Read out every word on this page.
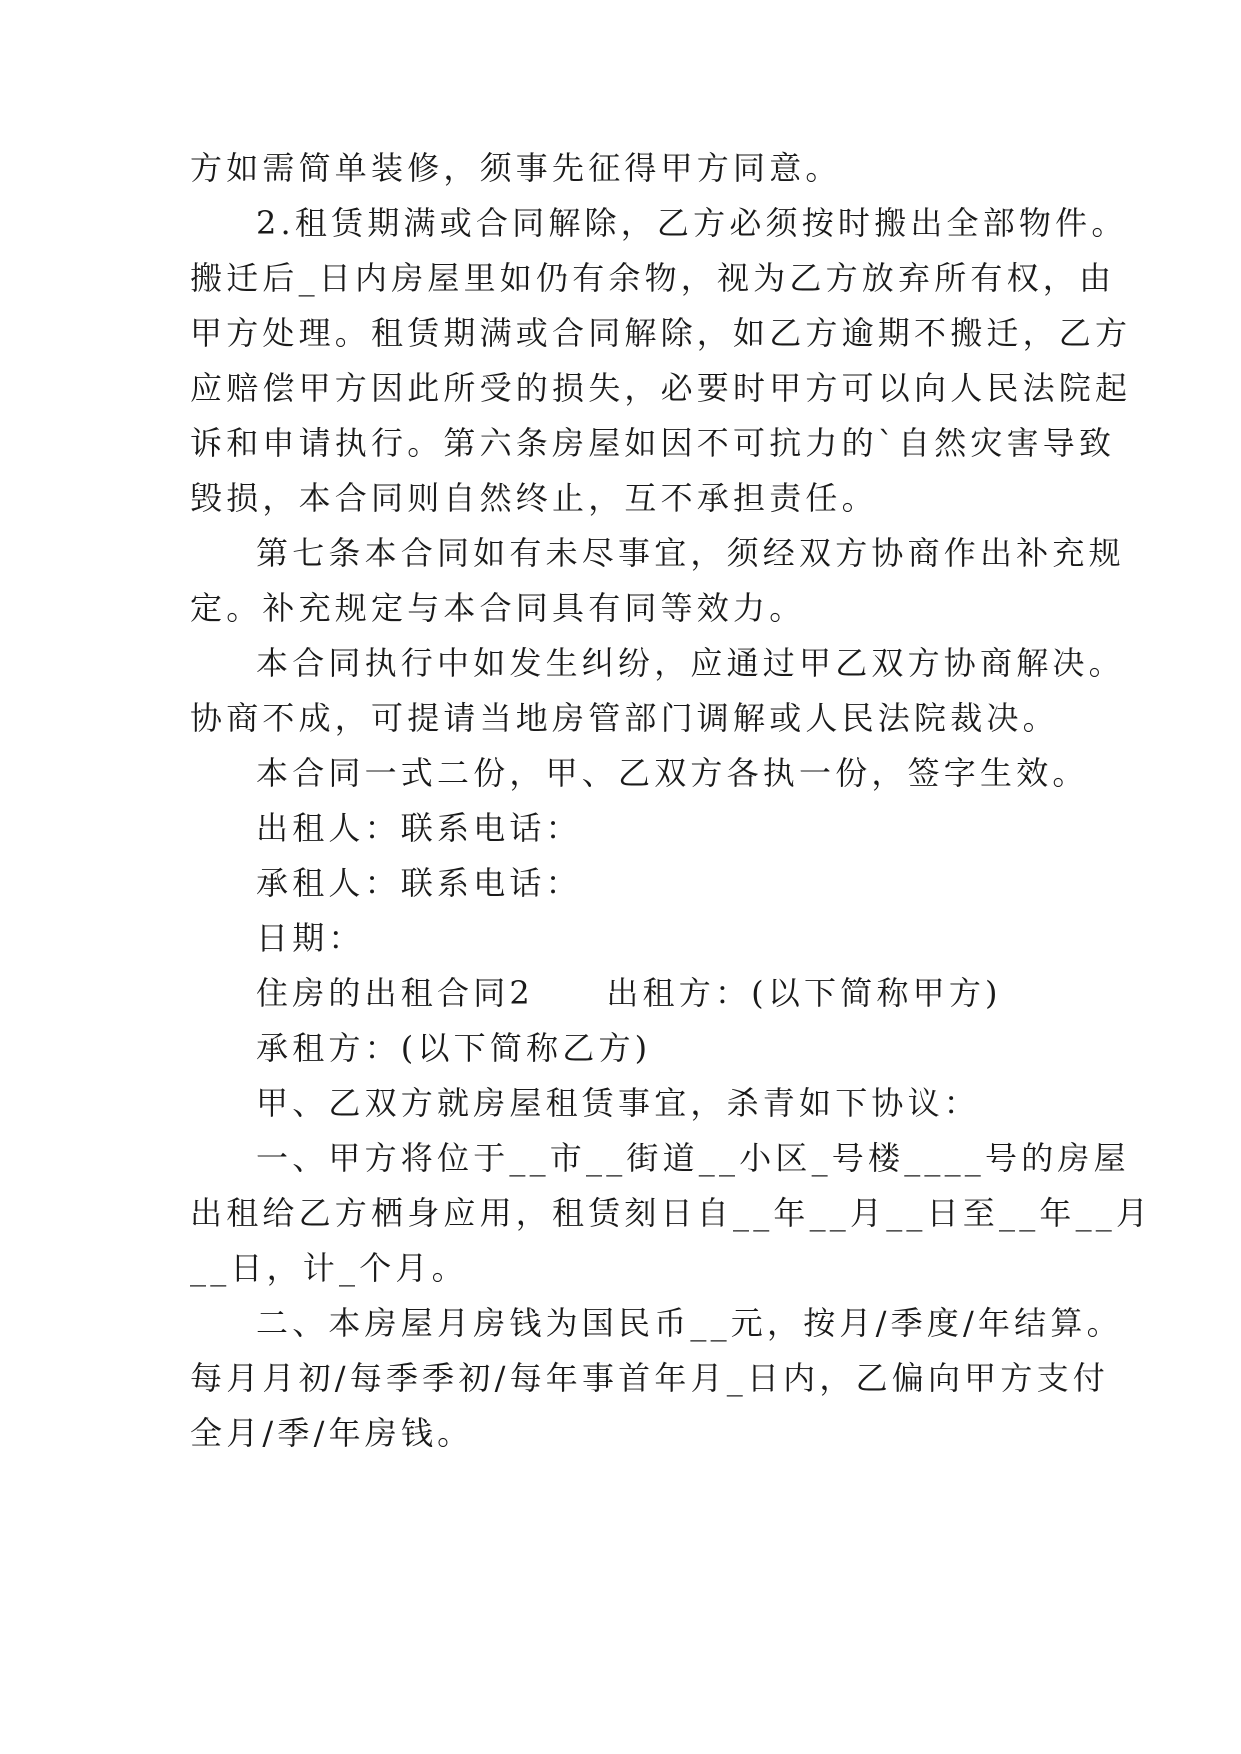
方如需简单装修，须事先征得甲方同意。
2.租赁期满或合同解除，乙方必须按时搬出全部物件。
搬迁后_日内房屋里如仍有余物，视为乙方放弃所有权，由
甲方处理。租赁期满或合同解除，如乙方逾期不搬迁，乙方
应赔偿甲方因此所受的损失，必要时甲方可以向人民法院起
诉和申请执行。第六条房屋如因不可抗力的`自然灾害导致
毁损，本合同则自然终止，互不承担责任。
第七条本合同如有未尽事宜，须经双方协商作出补充规
定。补充规定与本合同具有同等效力。
本合同执行中如发生纠纷，应通过甲乙双方协商解决。
协商不成，可提请当地房管部门调解或人民法院裁决。
本合同一式二份，甲、乙双方各执一份，签字生效。
出租人：联系电话：
承租人：联系电话：
日期：
住房的出租合同2　　出租方：(以下简称甲方)
承租方：(以下简称乙方)
甲、乙双方就房屋租赁事宜，杀青如下协议：
一、甲方将位于__市__街道__小区_号楼____号的房屋
出租给乙方栖身应用，租赁刻日自__年__月__日至__年__月
__日，计_个月。
二、本房屋月房钱为国民币__元，按月/季度/年结算。
每月月初/每季季初/每年事首年月_日内，乙偏向甲方支付
全月/季/年房钱。
